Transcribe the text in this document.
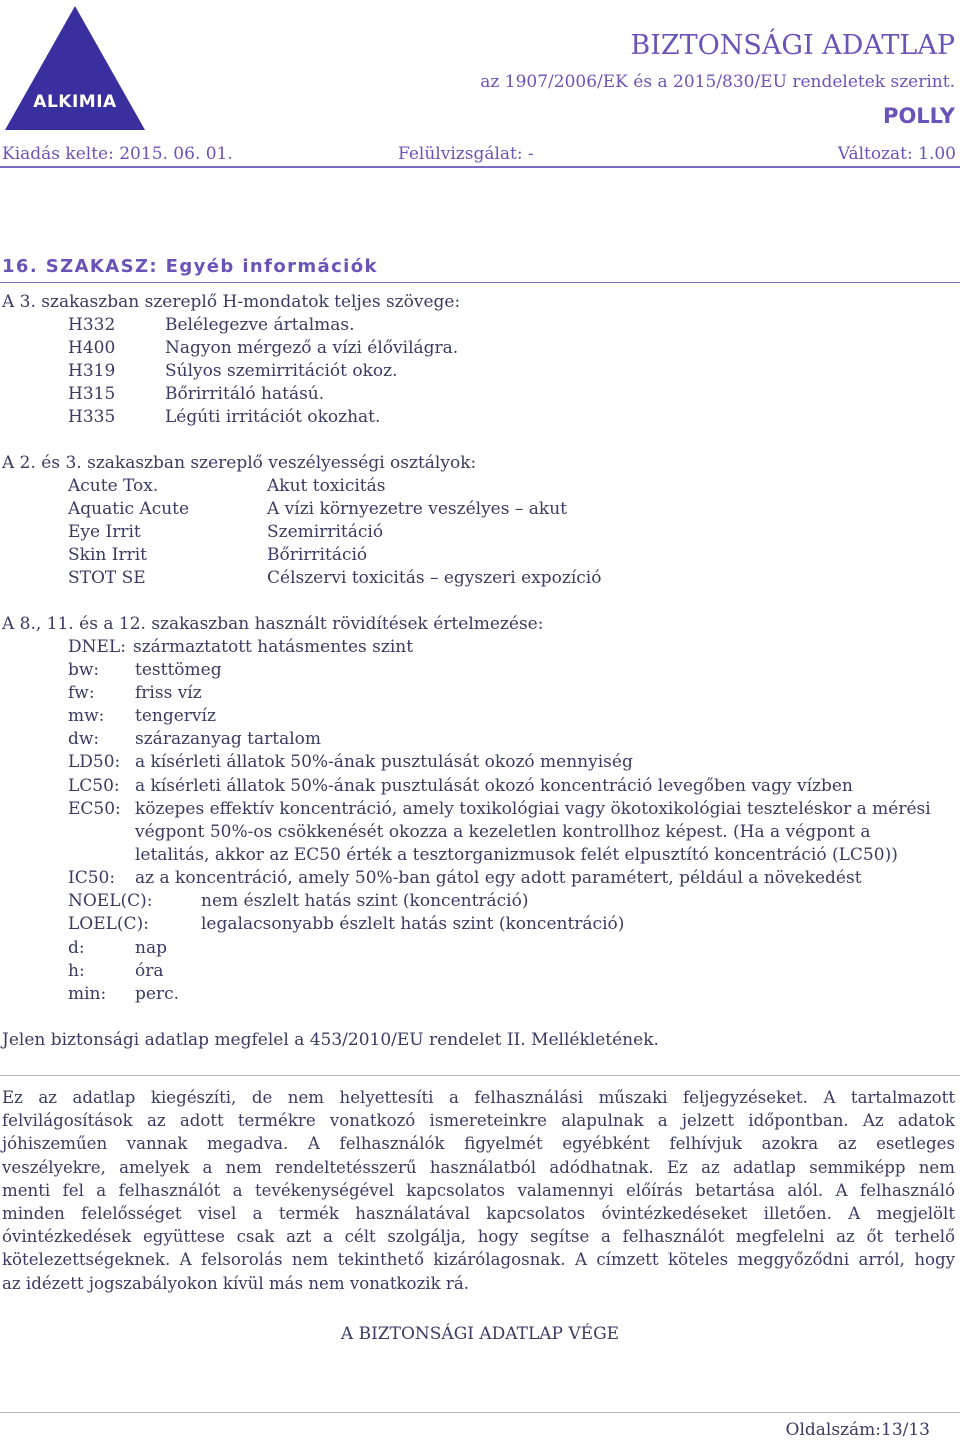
ALKIMIA
BIZTONSÁGI ADATLAP
az 1907/2006/EK és a 2015/830/EU rendeletek szerint.
POLLY
Kiadás kelte: 2015. 06. 01.	Felülvizsgálat: -	Változat: 1.00
16. SZAKASZ: Egyéb információk
A 3. szakaszban szereplő H-mondatok teljes szövege:
H332	Belélegezve ártalmas.
H400	Nagyon mérgező a vízi élővilágra.
H319	Súlyos szemirritációt okoz.
H315	Bőrirritáló hatású.
H335	Légúti irritációt okozhat.
A 2. és 3. szakaszban szereplő veszélyességi osztályok:
Acute Tox.	Akut toxicitás
Aquatic Acute	A vízi környezetre veszélyes – akut
Eye Irrit	Szemirritáció
Skin Irrit	Bőrirritáció
STOT SE	Célszervi toxicitás – egyszeri expozíció
A 8., 11. és a 12. szakaszban használt rövidítések értelmezése:
DNEL: származtatott hatásmentes szint
bw: testtömeg
fw: friss víz
mw: tengervíz
dw: szárazanyag tartalom
LD50: a kísérleti állatok 50%-ának pusztulását okozó mennyiség
LC50: a kísérleti állatok 50%-ának pusztulását okozó koncentráció levegőben vagy vízben
EC50: közepes effektív koncentráció, amely toxikológiai vagy ökotoxikológiai teszteléskor a mérési
végpont 50%-os csökkenését okozza a kezeletlen kontrollhoz képest. (Ha a végpont a
letalitás, akkor az EC50 érték a tesztorganizmusok felét elpusztító koncentráció (LC50))
IC50: az a koncentráció, amely 50%-ban gátol egy adott paramétert, például a növekedést
NOEL(C):	nem észlelt hatás szint (koncentráció)
LOEL(C):	legalacsonyabb észlelt hatás szint (koncentráció)
d:	nap
h:	óra
min: perc.
Jelen biztonsági adatlap megfelel a 453/2010/EU rendelet II. Mellékletének.
Ez az adatlap kiegészíti, de nem helyettesíti a felhasználási műszaki feljegyzéseket. A tartalmazott
felvilágosítások az adott termékre vonatkozó ismereteinkre alapulnak a jelzett időpontban. Az adatok
jóhiszeműen vannak megadva. A felhasználók figyelmét egyébként felhívjuk azokra az esetleges
veszélyekre, amelyek a nem rendeltetésszerű használatból adódhatnak. Ez az adatlap semmiképp nem
menti fel a felhasználót a tevékenységével kapcsolatos valamennyi előírás betartása alól. A felhasználó
minden felelősséget visel a termék használatával kapcsolatos óvintézkedéseket illetően. A megjelölt
óvintézkedések együttese csak azt a célt szolgálja, hogy segítse a felhasználót megfelelni az őt terhelő
kötelezettségeknek. A felsorolás nem tekinthető kizárólagosnak. A címzett köteles meggyőződni arról, hogy
az idézett jogszabályokon kívül más nem vonatkozik rá.
A BIZTONSÁGI ADATLAP VÉGE
Oldalszám:13/13
